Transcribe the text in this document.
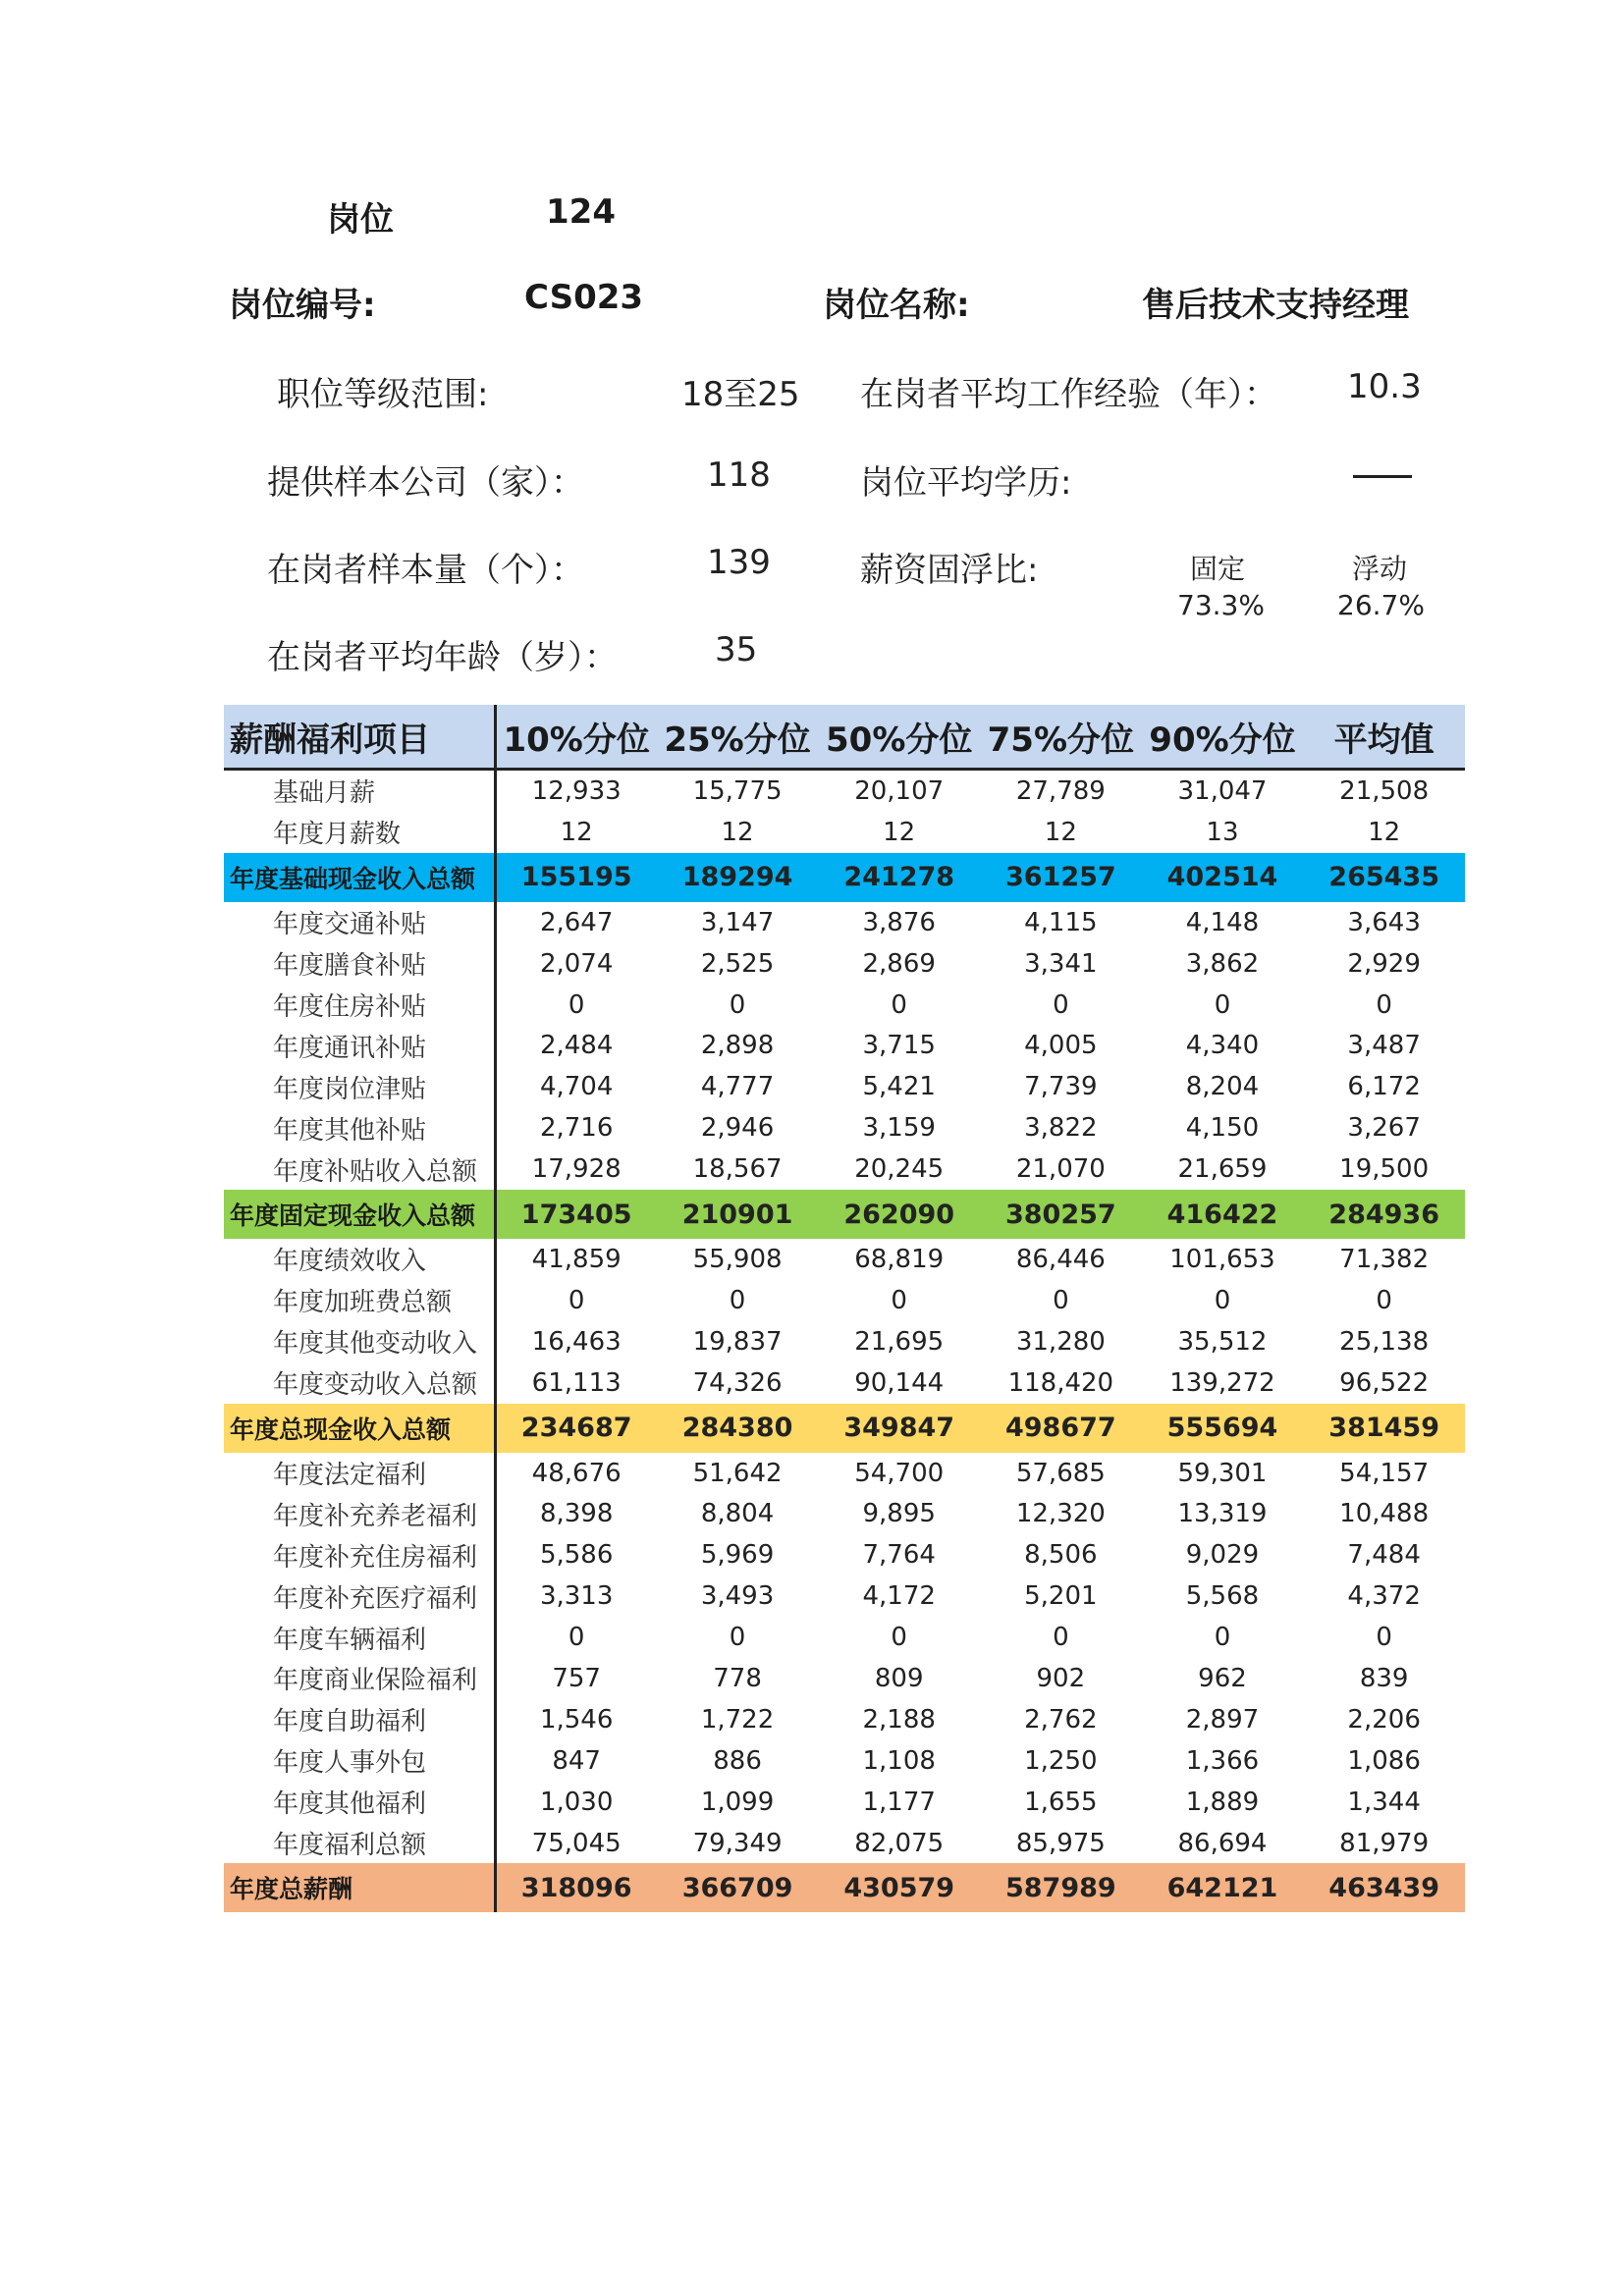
岗位	124
岗位编号:	CS023	岗位名称:	售后技术支持经理
职位等级范围:	18至25 在岗者平均工作经验（年）： 10.3
提供样本公司（家）：	118	岗位平均学历:
在岗者样本量（个）：	139	薪资固浮比:	固定	浮动
73.3%	26.7%
在岗者平均年龄（岁）：	35
薪酬福利项目	10%分位	25%分位	50%分位	75%分位	90%分位	平均值
基础月薪	12,933	15,775	20,107	27,789	31,047	21,508
年度月薪数	12	12	12	12	13	12
年度基础现金收入总额	155195	189294	241278	361257	402514	265435
年度交通补贴	2,647	3,147	3,876	4,115	4,148	3,643
年度膳食补贴	2,074	2,525	2,869	3,341	3,862	2,929
年度住房补贴	0	0	0	0	0	0
年度通讯补贴	2,484	2,898	3,715	4,005	4,340	3,487
年度岗位津贴	4,704	4,777	5,421	7,739	8,204	6,172
年度其他补贴	2,716	2,946	3,159	3,822	4,150	3,267
年度补贴收入总额	17,928	18,567	20,245	21,070	21,659	19,500
年度固定现金收入总额	173405	210901	262090	380257	416422	284936
年度绩效收入	41,859	55,908	68,819	86,446	101,653	71,382
年度加班费总额	0	0	0	0	0	0
年度其他变动收入	16,463	19,837	21,695	31,280	35,512	25,138
年度变动收入总额	61,113	74,326	90,144	118,420	139,272	96,522
年度总现金收入总额	234687	284380	349847	498677	555694	381459
年度法定福利	48,676	51,642	54,700	57,685	59,301	54,157
年度补充养老福利	8,398	8,804	9,895	12,320	13,319	10,488
年度补充住房福利	5,586	5,969	7,764	8,506	9,029	7,484
年度补充医疗福利	3,313	3,493	4,172	5,201	5,568	4,372
年度车辆福利	0	0	0	0	0	0
年度商业保险福利	757	778	809	902	962	839
年度自助福利	1,546	1,722	2,188	2,762	2,897	2,206
年度人事外包	847	886	1,108	1,250	1,366	1,086
年度其他福利	1,030	1,099	1,177	1,655	1,889	1,344
年度福利总额	75,045	79,349	82,075	85,975	86,694	81,979
年度总薪酬	318096	366709	430579	587989	642121	463439
